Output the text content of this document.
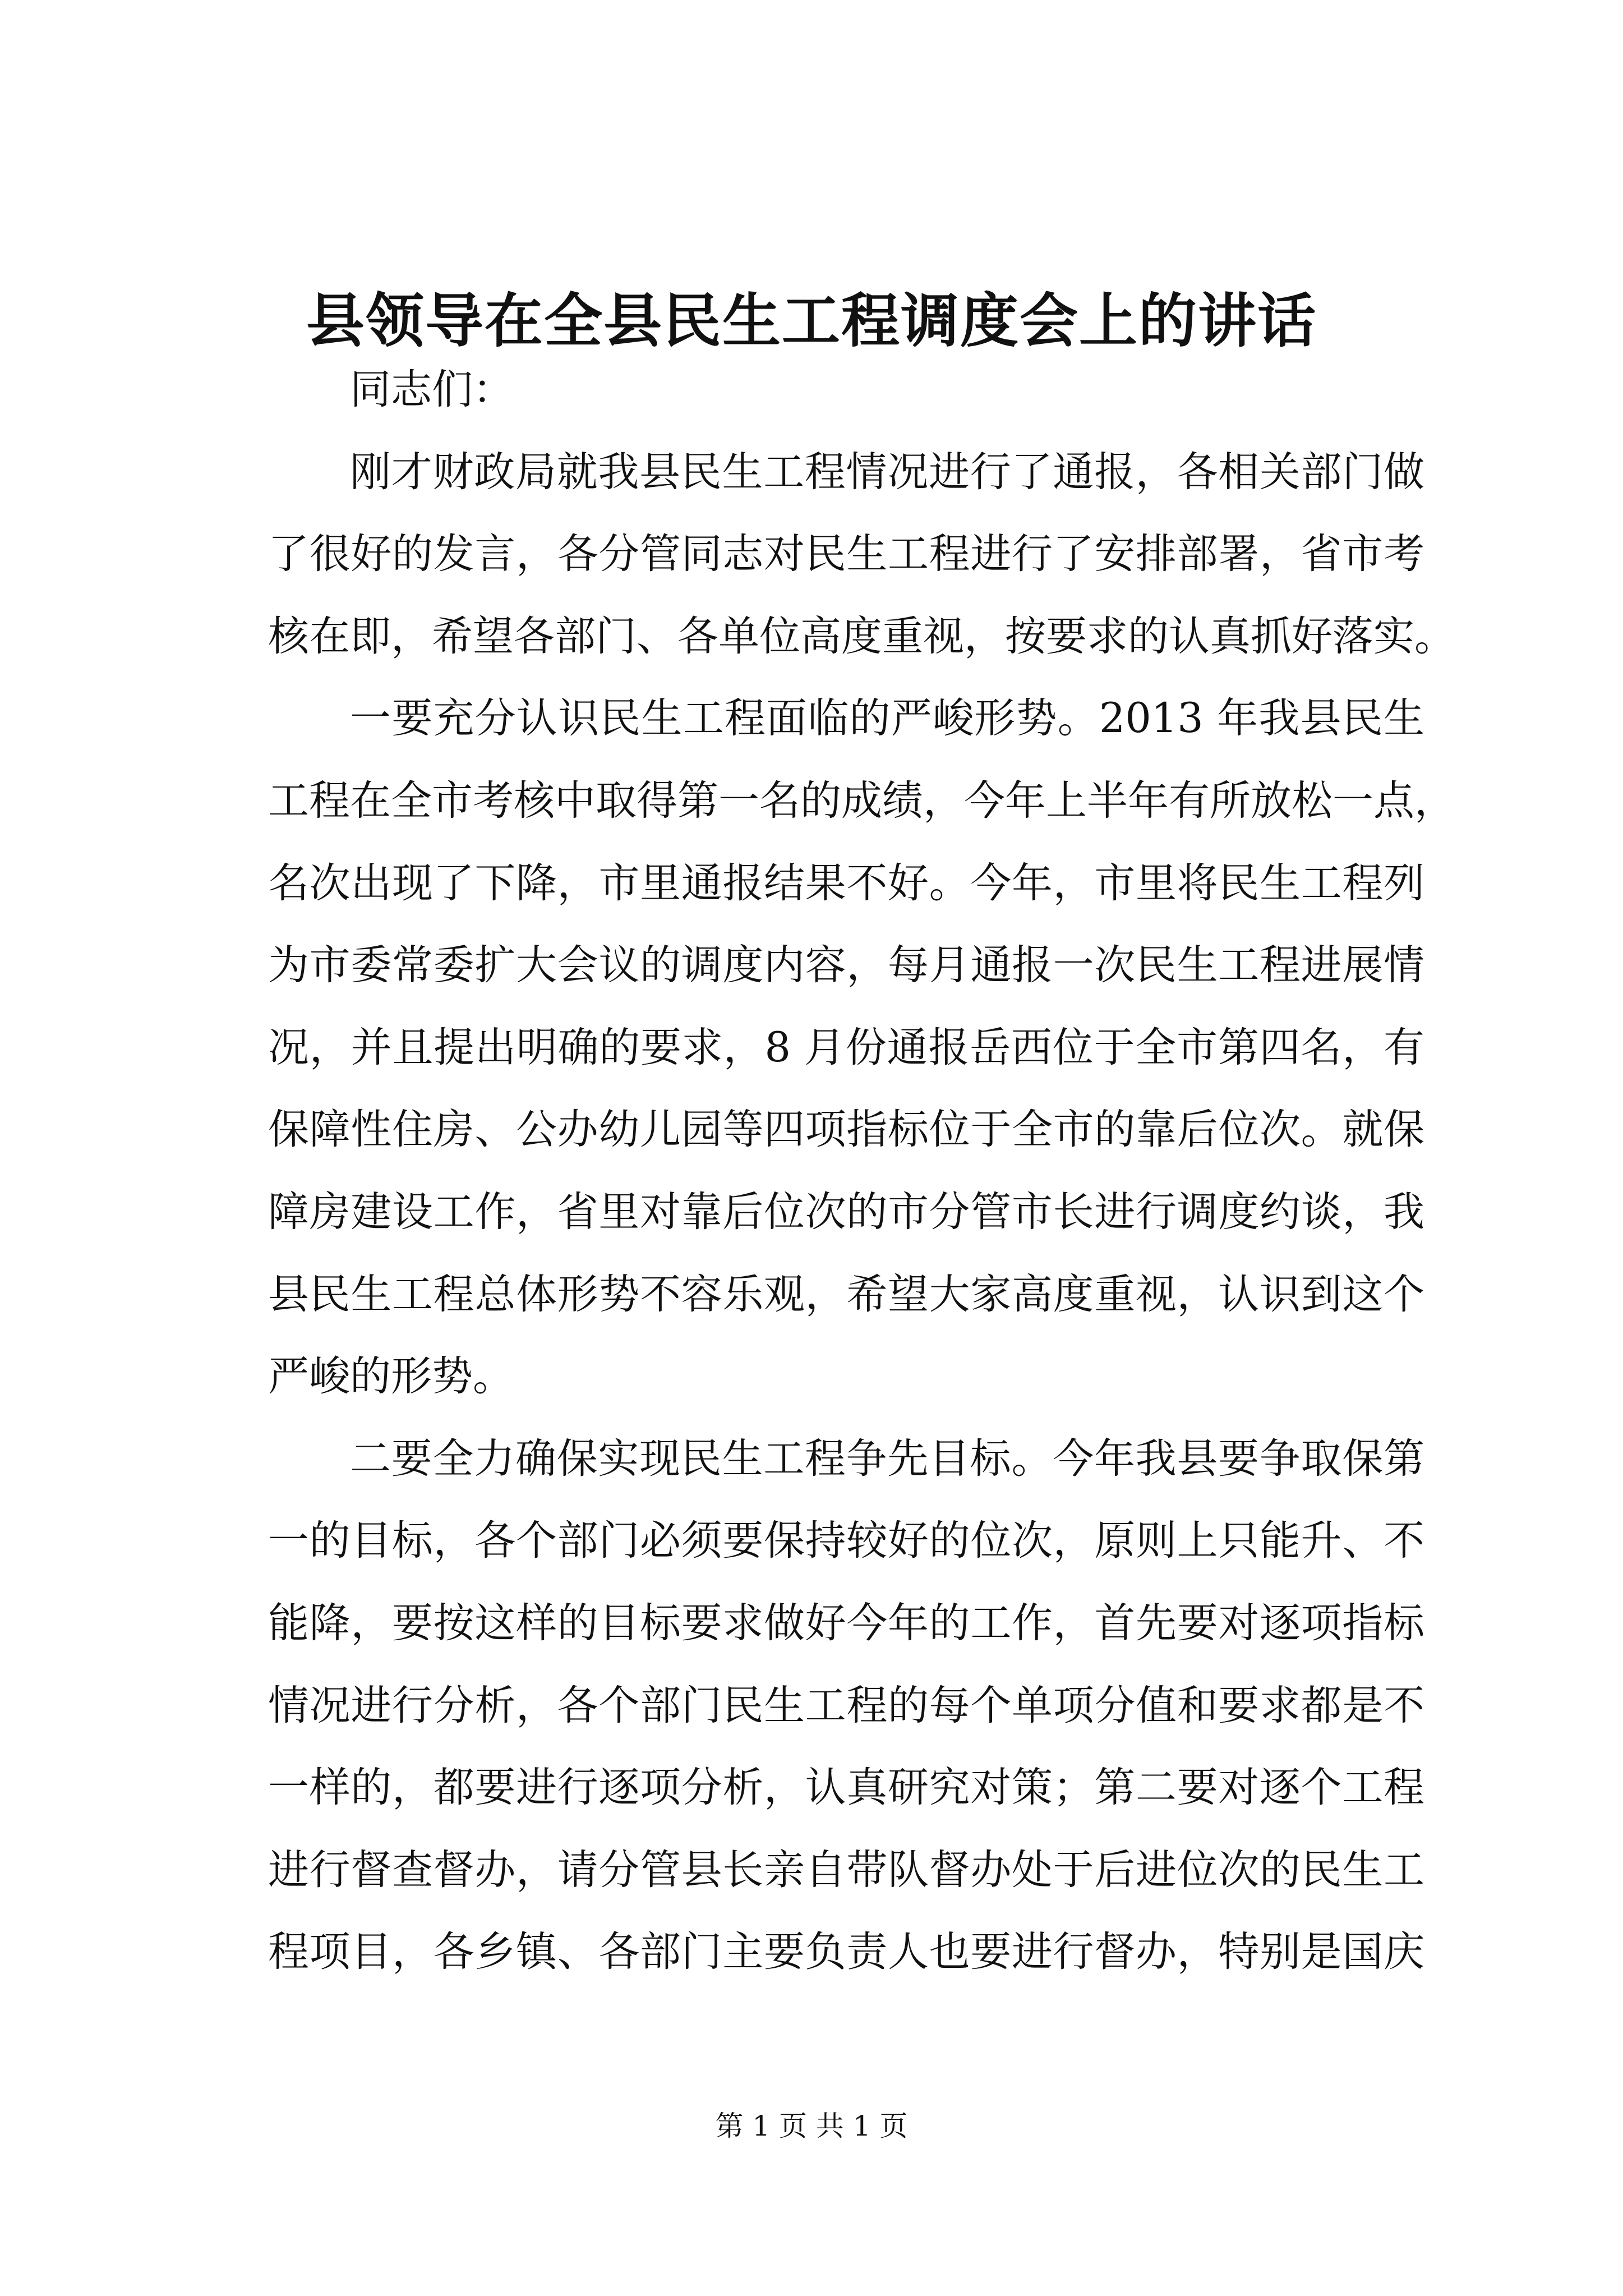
县领导在全县民生工程调度会上的讲话
同志们：
刚才财政局就我县民生工程情况进行了通报，各相关部门做
了很好的发言，各分管同志对民生工程进行了安排部署，省市考
核在即，希望各部门、各单位高度重视，按要求的认真抓好落实。
一要充分认识民生工程面临的严峻形势。2013 年我县民生
工程在全市考核中取得第一名的成绩，今年上半年有所放松一点，
名次出现了下降，市里通报结果不好。今年，市里将民生工程列
为市委常委扩大会议的调度内容，每月通报一次民生工程进展情
况，并且提出明确的要求，8 月份通报岳西位于全市第四名，有
保障性住房、公办幼儿园等四项指标位于全市的靠后位次。就保
障房建设工作，省里对靠后位次的市分管市长进行调度约谈，我
县民生工程总体形势不容乐观，希望大家高度重视，认识到这个
严峻的形势。
二要全力确保实现民生工程争先目标。今年我县要争取保第
一的目标，各个部门必须要保持较好的位次，原则上只能升、不
能降，要按这样的目标要求做好今年的工作，首先要对逐项指标
情况进行分析，各个部门民生工程的每个单项分值和要求都是不
一样的，都要进行逐项分析，认真研究对策；第二要对逐个工程
进行督查督办，请分管县长亲自带队督办处于后进位次的民生工
程项目，各乡镇、各部门主要负责人也要进行督办，特别是国庆
第 1 页 共 1 页
